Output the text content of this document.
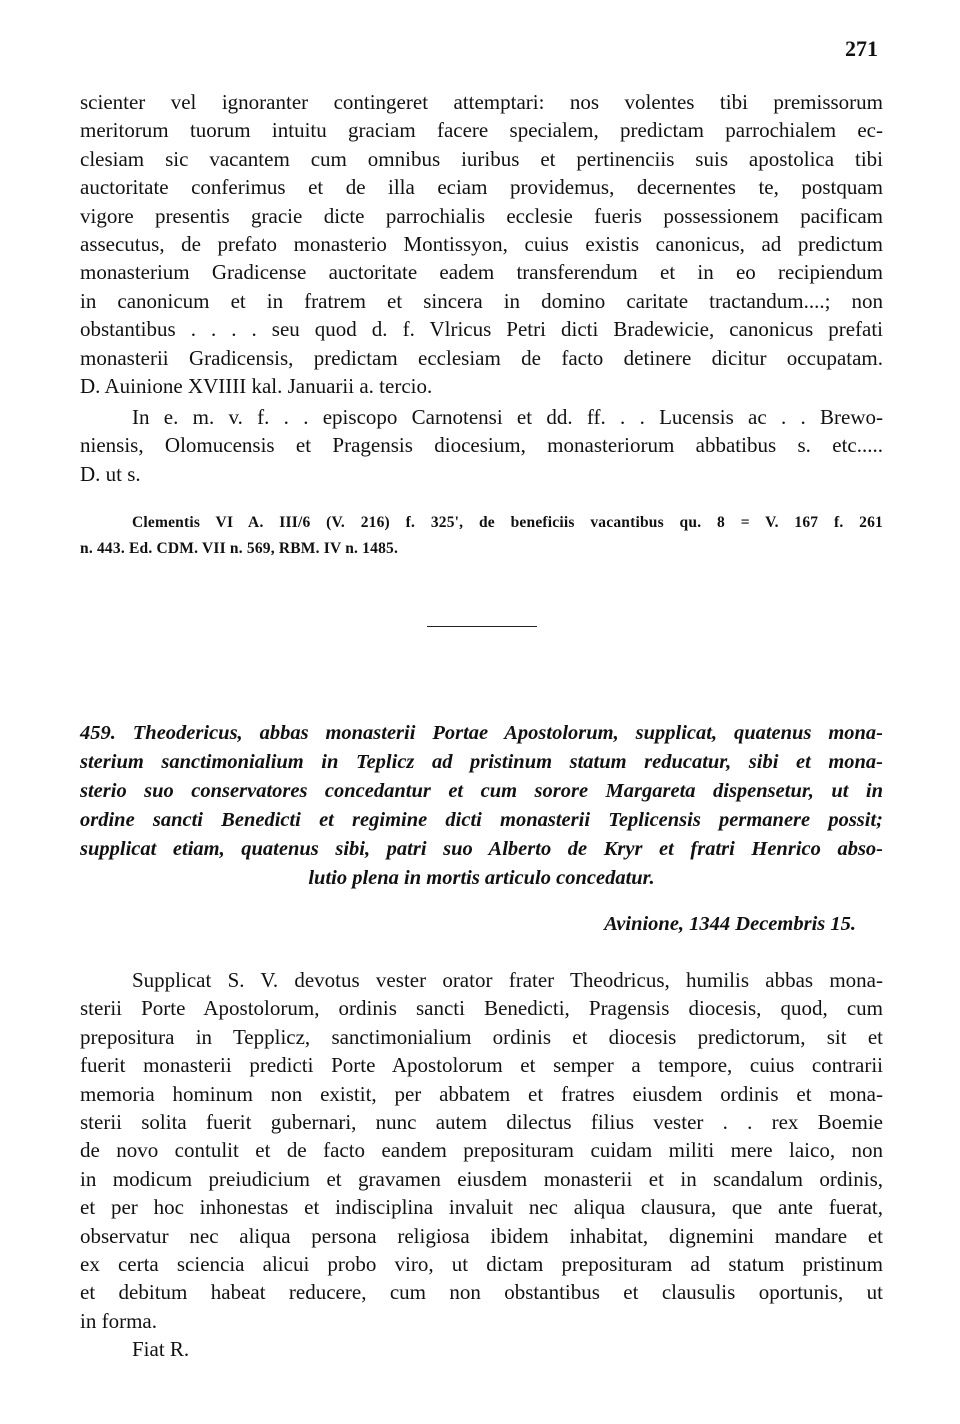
271

scienter vel ignoranter contingeret attemptari: nos volentes tibi premissorum
meritorum tuorum intuitu graciam facere specialem, predictam parrochialem ec-
clesiam sic vacantem cum omnibus iuribus et pertinenciis suis apostolica tibi
auctoritate conferimus et de illa eciam providemus, decernentes te, postquam
vigore presentis gracie dicte parrochialis ecclesie fueris possessionem pacificam
assecutus, de prefato monasterio Montissyon, cuius existis canonicus, ad predictum
monasterium Gradicense auctoritate eadem transferendum et in eo recipiendum
in canonicum et in fratrem et sincera in domino caritate tractandum....; non
obstantibus . . . . seu quod d. f. Vlricus Petri dicti Bradewicie, canonicus prefati
monasterii Gradicensis, predictam ecclesiam de facto detinere dicitur occupatam.
D. Auinione XVIIII kal. Januarii a. tercio.

In e. m. v. f. . . episcopo Carnotensi et dd. ff. . . Lucensis ac . . Brewo-
niensis, Olomucensis et Pragensis diocesium, monasteriorum abbatibus s. etc.....
D. ut s.

Clementis VI A. III/6 (V. 216) f. 325', de beneficiis vacantibus qu. 8 = V. 167 f. 261
n. 443. Ed. CDM. VII n. 569, RBM. IV n. 1485.

459. Theodericus, abbas monasterii Portae Apostolorum, supplicat, quatenus mona-
sterium sanctimonialium in Teplicz ad pristinum statum reducatur, sibi et mona-
sterio suo conservatores concedantur et cum sorore Margareta dispensetur, ut in
ordine sancti Benedicti et regimine dicti monasterii Teplicensis permanere possit;
supplicat etiam, quatenus sibi, patri suo Alberto de Kryr et fratri Henrico abso-
lutio plena in mortis articulo concedatur.

Avinione, 1344 Decembris 15.

Supplicat S. V. devotus vester orator frater Theodricus, humilis abbas mona-
sterii Porte Apostolorum, ordinis sancti Benedicti, Pragensis diocesis, quod, cum
prepositura in Tepplicz, sanctimonialium ordinis et diocesis predictorum, sit et
fuerit monasterii predicti Porte Apostolorum et semper a tempore, cuius contrarii
memoria hominum non existit, per abbatem et fratres eiusdem ordinis et mona-
sterii solita fuerit gubernari, nunc autem dilectus filius vester . . rex Boemie
de novo contulit et de facto eandem preposituram cuidam militi mere laico, non
in modicum preiudicium et gravamen eiusdem monasterii et in scandalum ordinis,
et per hoc inhonestas et indisciplina invaluit nec aliqua clausura, que ante fuerat,
observatur nec aliqua persona religiosa ibidem inhabitat, dignemini mandare et
ex certa sciencia alicui probo viro, ut dictam preposituram ad statum pristinum
et debitum habeat reducere, cum non obstantibus et clausulis oportunis, ut
in forma.

Fiat R.
